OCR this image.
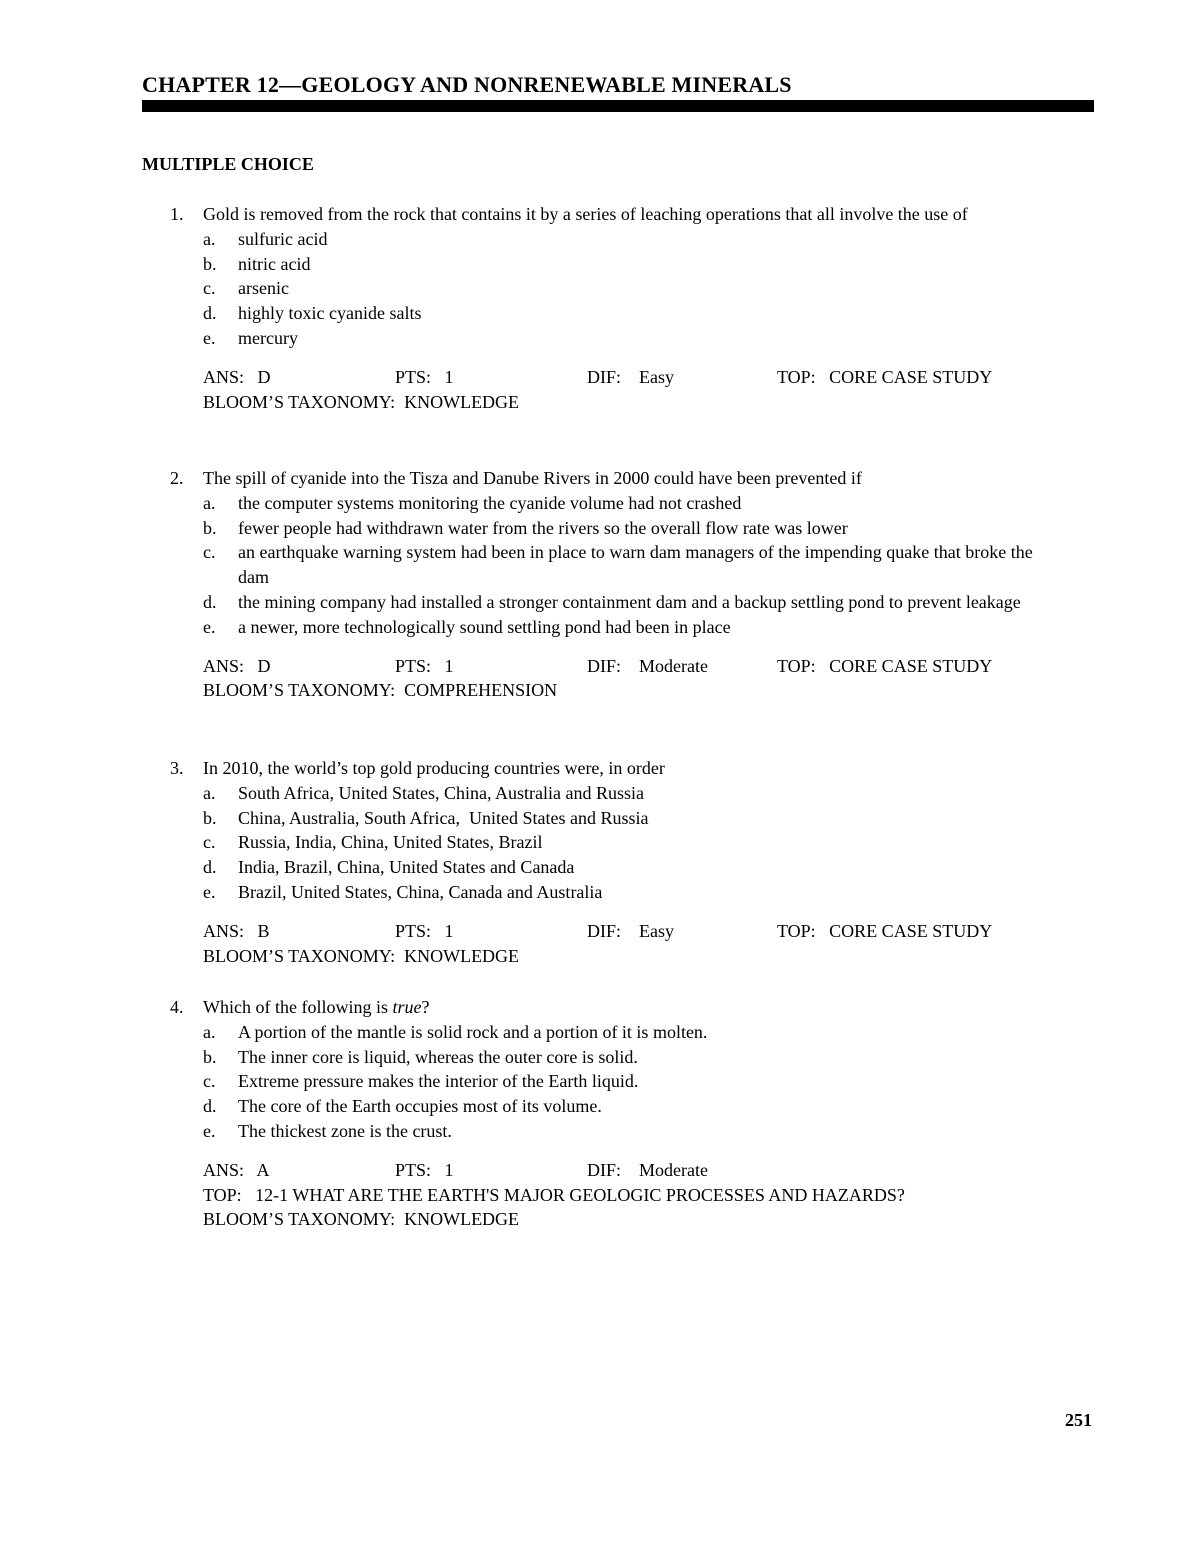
CHAPTER 12—GEOLOGY AND NONRENEWABLE MINERALS
MULTIPLE CHOICE
1.	Gold is removed from the rock that contains it by a series of leaching operations that all involve the use of
a.	sulfuric acid
b.	nitric acid
c.	arsenic
d.	highly toxic cyanide salts
e.	mercury
ANS:   D	PTS:   1	DIF:    Easy	TOP:   CORE CASE STUDY
BLOOM’S TAXONOMY:  KNOWLEDGE
2.	The spill of cyanide into the Tisza and Danube Rivers in 2000 could have been prevented if
a.	the computer systems monitoring the cyanide volume had not crashed
b.	fewer people had withdrawn water from the rivers so the overall flow rate was lower
c.	an earthquake warning system had been in place to warn dam managers of the impending quake that broke the dam
d.	the mining company had installed a stronger containment dam and a backup settling pond to prevent leakage
e.	a newer, more technologically sound settling pond had been in place
ANS:   D	PTS:   1	DIF:    Moderate	TOP:   CORE CASE STUDY
BLOOM’S TAXONOMY:  COMPREHENSION
3.	In 2010, the world’s top gold producing countries were, in order
a.	South Africa, United States, China, Australia and Russia
b.	China, Australia, South Africa,  United States and Russia
c.	Russia, India, China, United States, Brazil
d.	India, Brazil, China, United States and Canada
e.	Brazil, United States, China, Canada and Australia
ANS:   B	PTS:   1	DIF:    Easy	TOP:   CORE CASE STUDY
BLOOM’S TAXONOMY:  KNOWLEDGE
4.	Which of the following is true?
a.	A portion of the mantle is solid rock and a portion of it is molten.
b.	The inner core is liquid, whereas the outer core is solid.
c.	Extreme pressure makes the interior of the Earth liquid.
d.	The core of the Earth occupies most of its volume.
e.	The thickest zone is the crust.
ANS:   A	PTS:   1	DIF:    Moderate
TOP:   12-1 WHAT ARE THE EARTH'S MAJOR GEOLOGIC PROCESSES AND HAZARDS?
BLOOM’S TAXONOMY:  KNOWLEDGE
251
